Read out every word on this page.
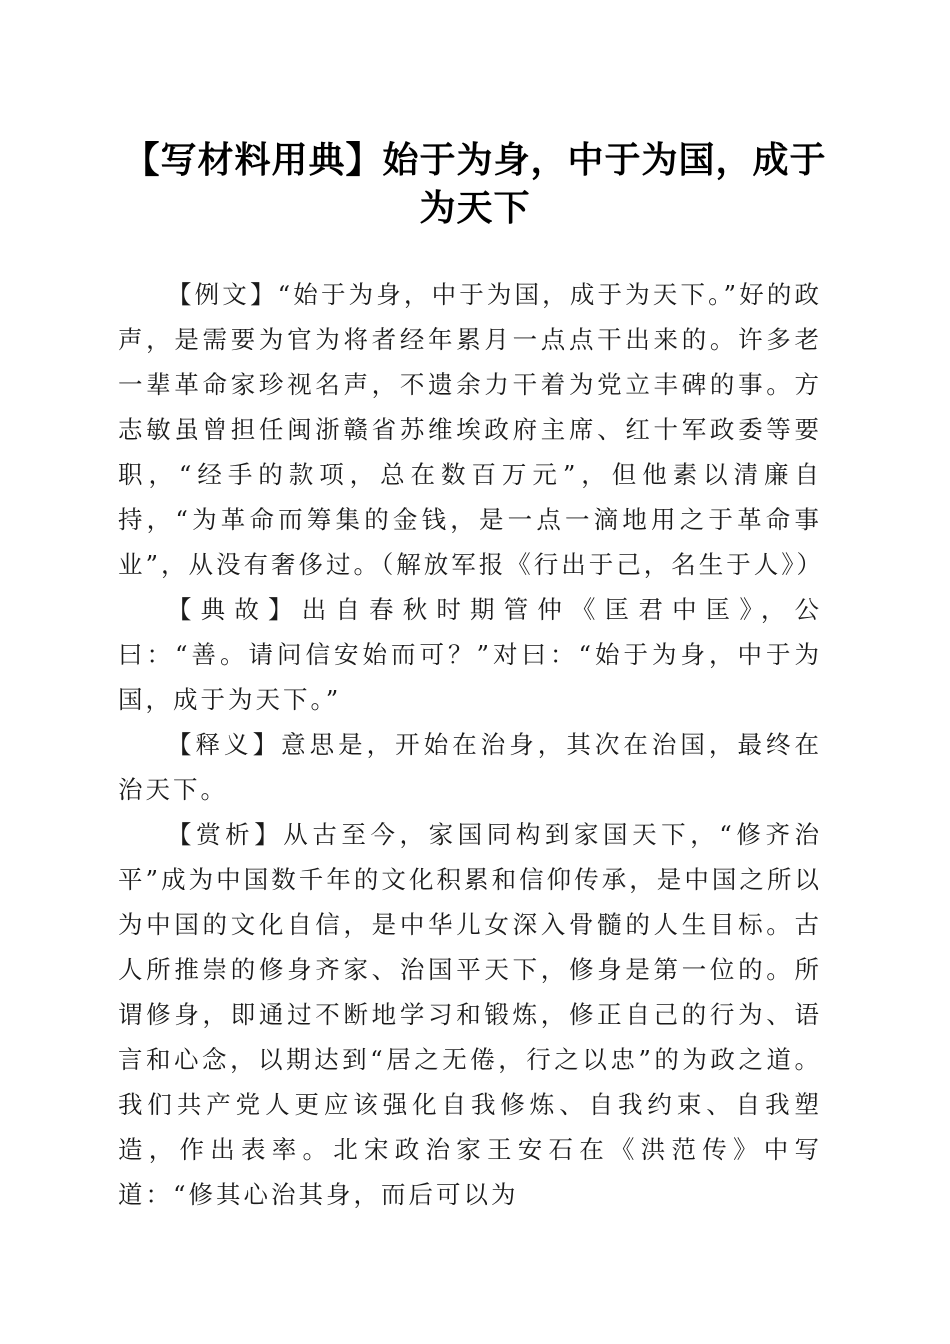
【写材料用典】始于为身，中于为国，成于为天下

【例文】“始于为身，中于为国，成于为天下。”好的政声，是需要为官为将者经年累月一点点干出来的。许多老一辈革命家珍视名声，不遗余力干着为党立丰碑的事。方志敏虽曾担任闽浙赣省苏维埃政府主席、红十军政委等要职，“经手的款项，总在数百万元”，但他素以清廉自持，“为革命而筹集的金钱，是一点一滴地用之于革命事业”，从没有奢侈过。（解放军报《行出于己，名生于人》）

【典故】出自春秋时期管仲《匡君中匡》，公曰：“善。请问信安始而可？”对曰：“始于为身，中于为国，成于为天下。”

【释义】意思是，开始在治身，其次在治国，最终在治天下。

【赏析】从古至今，家国同构到家国天下，“修齐治平”成为中国数千年的文化积累和信仰传承，是中国之所以为中国的文化自信，是中华儿女深入骨髓的人生目标。古人所推崇的修身齐家、治国平天下，修身是第一位的。所谓修身，即通过不断地学习和锻炼，修正自己的行为、语言和心念，以期达到“居之无倦，行之以忠”的为政之道。我们共产党人更应该强化自我修炼、自我约束、自我塑造，作出表率。北宋政治家王安石在《洪范传》中写道：“修其心治其身，而后可以为
